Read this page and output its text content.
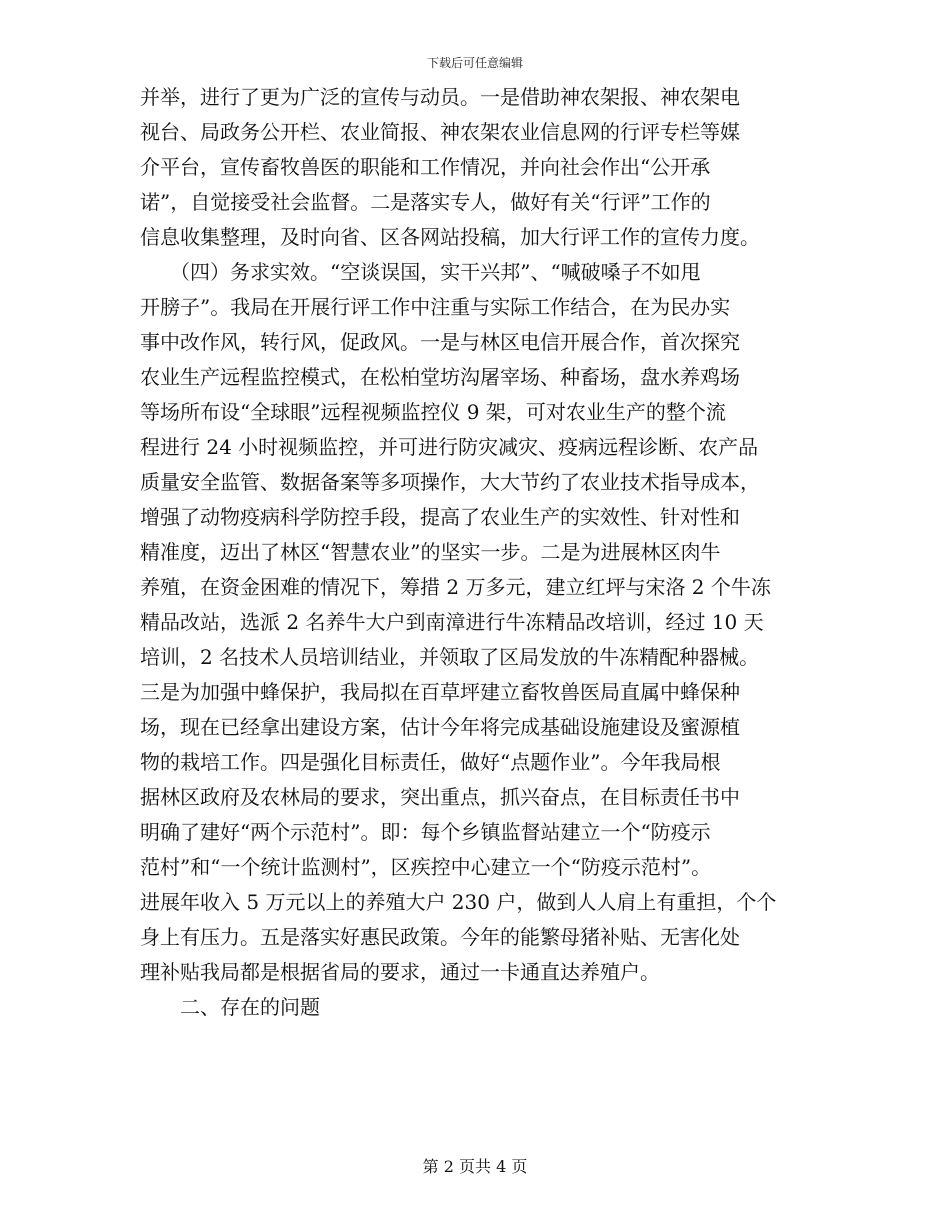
下载后可任意编辑
并举，进行了更为广泛的宣传与动员。一是借助神农架报、神农架电
视台、局政务公开栏、农业简报、神农架农业信息网的行评专栏等媒
介平台，宣传畜牧兽医的职能和工作情况，并向社会作出“公开承
诺”，自觉接受社会监督。二是落实专人，做好有关“行评”工作的
信息收集整理，及时向省、区各网站投稿，加大行评工作的宣传力度。
　　（四）务求实效。“空谈误国，实干兴邦”、“喊破嗓子不如甩
开膀子”。我局在开展行评工作中注重与实际工作结合，在为民办实
事中改作风，转行风，促政风。一是与林区电信开展合作，首次探究
农业生产远程监控模式，在松柏堂坊沟屠宰场、种畜场，盘水养鸡场
等场所布设“全球眼”远程视频监控仪 9 架，可对农业生产的整个流
程进行 24 小时视频监控，并可进行防灾减灾、疫病远程诊断、农产品
质量安全监管、数据备案等多项操作，大大节约了农业技术指导成本，
增强了动物疫病科学防控手段，提高了农业生产的实效性、针对性和
精准度，迈出了林区“智慧农业”的坚实一步。二是为进展林区肉牛
养殖，在资金困难的情况下，筹措 2 万多元，建立红坪与宋洛 2 个牛冻
精品改站，选派 2 名养牛大户到南漳进行牛冻精品改培训，经过 10 天
培训，2 名技术人员培训结业，并领取了区局发放的牛冻精配种器械。
三是为加强中蜂保护，我局拟在百草坪建立畜牧兽医局直属中蜂保种
场，现在已经拿出建设方案，估计今年将完成基础设施建设及蜜源植
物的栽培工作。四是强化目标责任，做好“点题作业”。今年我局根
据林区政府及农林局的要求，突出重点，抓兴奋点，在目标责任书中
明确了建好“两个示范村”。即：每个乡镇监督站建立一个“防疫示
范村”和“一个统计监测村”，区疾控中心建立一个“防疫示范村”。
进展年收入 5 万元以上的养殖大户 230 户，做到人人肩上有重担，个个
身上有压力。五是落实好惠民政策。今年的能繁母猪补贴、无害化处
理补贴我局都是根据省局的要求，通过一卡通直达养殖户。
　　二、存在的问题
第 2 页共 4 页
